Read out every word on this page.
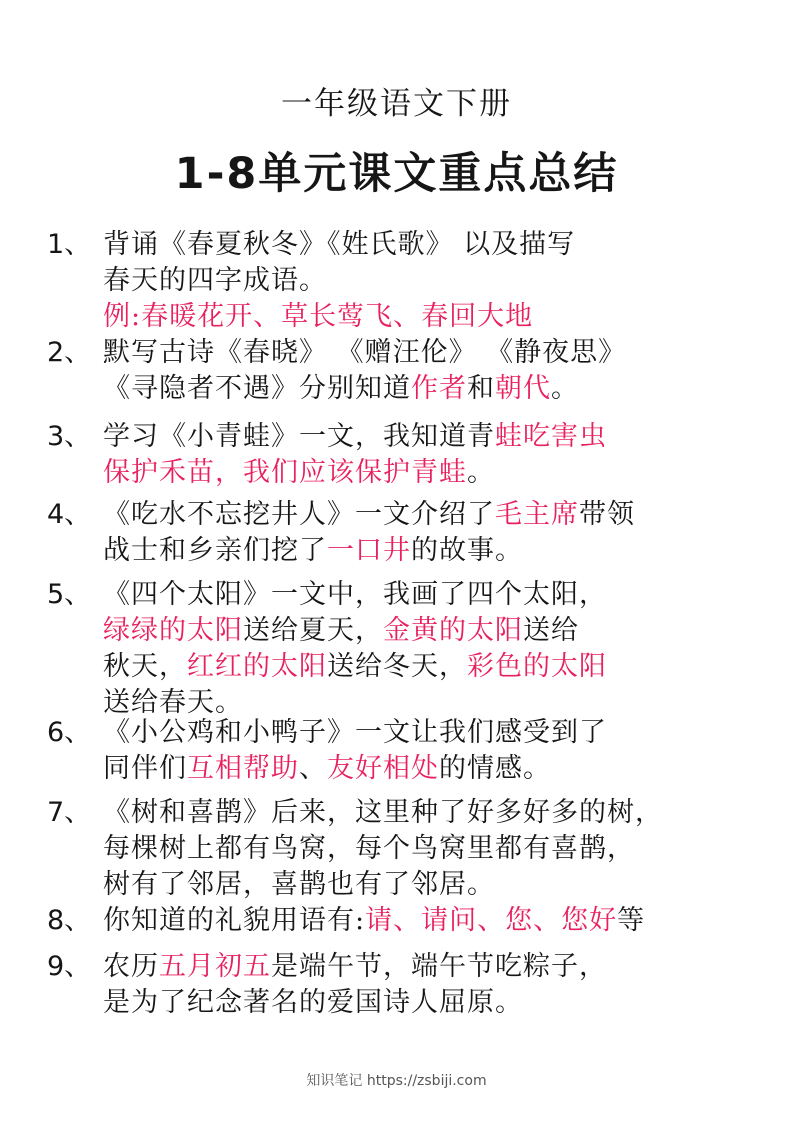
一年级语文下册
1-8单元课文重点总结
1、 背诵《春夏秋冬》《姓氏歌》 以及描写
春天的四字成语。
例:春暖花开、草长莺飞、春回大地
2、 默写古诗《春晓》 《赠汪伦》 《静夜思》
《寻隐者不遇》分别知道作者和朝代。
3、 学习《小青蛙》一文，我知道青蛙吃害虫
保护禾苗，我们应该保护青蛙。
4、 《吃水不忘挖井人》一文介绍了毛主席带领
战士和乡亲们挖了一口井的故事。
5、 《四个太阳》一文中，我画了四个太阳，
绿绿的太阳送给夏天，金黄的太阳送给
秋天，红红的太阳送给冬天，彩色的太阳
送给春天。
6、 《小公鸡和小鸭子》一文让我们感受到了
同伴们互相帮助、友好相处的情感。
7、 《树和喜鹊》后来，这里种了好多好多的树，
每棵树上都有鸟窝，每个鸟窝里都有喜鹊，
树有了邻居，喜鹊也有了邻居。
8、 你知道的礼貌用语有:请、请问、您、您好等
9、 农历五月初五是端午节，端午节吃粽子，
是为了纪念著名的爱国诗人屈原。
知识笔记 https://zsbiji.com
